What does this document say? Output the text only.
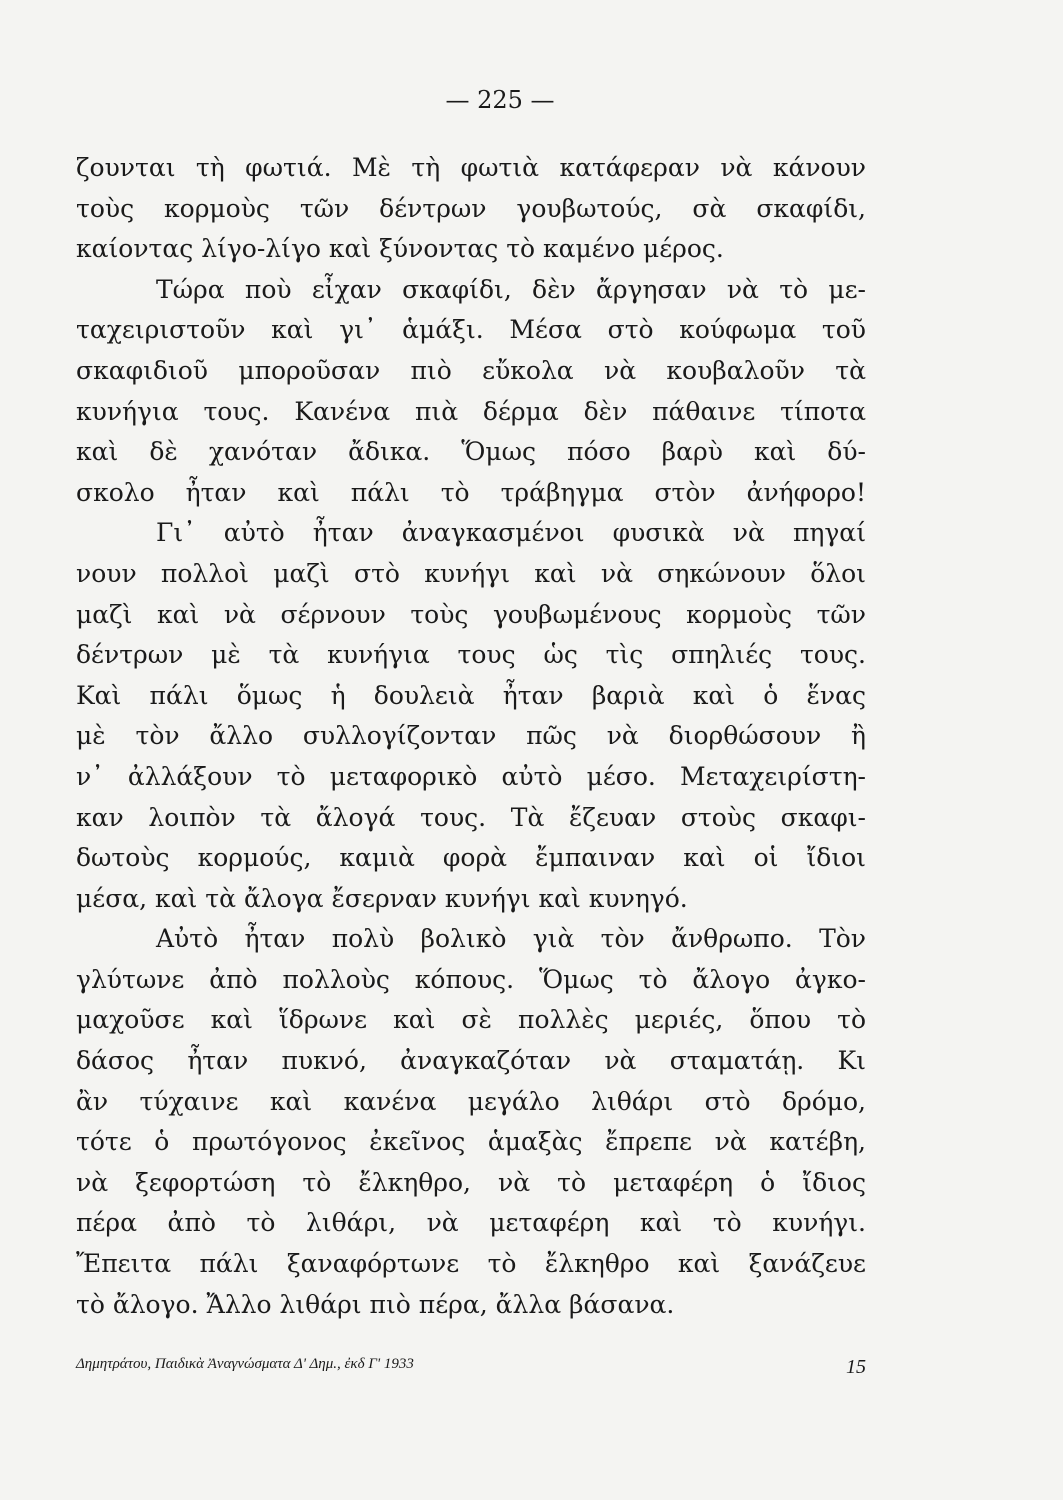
— 225 —
ζουνται τὴ φωτιά. Μὲ τὴ φωτιὰ κατάφεραν νὰ κάνουν
τοὺς κορμοὺς τῶν δέντρων γουβωτούς, σὰ σκαφίδι,
καίοντας λίγο-λίγο καὶ ξύνοντας τὸ καμένο μέρος.
Τώρα ποὺ εἶχαν σκαφίδι, δὲν ἄργησαν νὰ τὸ με-
ταχειριστοῦν καὶ γι᾿ ἁμάξι. Μέσα στὸ κούφωμα τοῦ
σκαφιδιοῦ μποροῦσαν πιὸ εὔκολα νὰ κουβαλοῦν τὰ
κυνήγια τους. Κανένα πιὰ δέρμα δὲν πάθαινε τίποτα
καὶ δὲ χανόταν ἄδικα. Ὅμως πόσο βαρὺ καὶ δύ-
σκολο ἦταν καὶ πάλι τὸ τράβηγμα στὸν ἀνήφορο!
Γι᾿ αὐτὸ ἦταν ἀναγκασμένοι φυσικὰ νὰ πηγαί
νουν πολλοὶ μαζὶ στὸ κυνήγι καὶ νὰ σηκώνουν ὅλοι
μαζὶ καὶ νὰ σέρνουν τοὺς γουβωμένους κορμοὺς τῶν
δέντρων μὲ τὰ κυνήγια τους ὡς τὶς σπηλιές τους.
Καὶ πάλι ὅμως ἡ δουλειὰ ἦταν βαριὰ καὶ ὁ ἕνας
μὲ τὸν ἄλλο συλλογίζονταν πῶς νὰ διορθώσουν ἢ
ν᾿ ἀλλάξουν τὸ μεταφορικὸ αὐτὸ μέσο. Μεταχειρίστη-
καν λοιπὸν τὰ ἄλογά τους. Τὰ ἔζευαν στοὺς σκαφι-
δωτοὺς κορμούς, καμιὰ φορὰ ἔμπαιναν καὶ οἱ ἴδιοι
μέσα, καὶ τὰ ἄλογα ἔσερναν κυνήγι καὶ κυνηγό.
Αὐτὸ ἦταν πολὺ βολικὸ γιὰ τὸν ἄνθρωπο. Τὸν
γλύτωνε ἀπὸ πολλοὺς κόπους. Ὅμως τὸ ἄλογο ἀγκο-
μαχοῦσε καὶ ἵδρωνε καὶ σὲ πολλὲς μεριές, ὅπου τὸ
δάσος ἦταν πυκνό, ἀναγκαζόταν νὰ σταματάῃ. Κι
ἂν τύχαινε καὶ κανένα μεγάλο λιθάρι στὸ δρόμο,
τότε ὁ πρωτόγονος ἐκεῖνος ἁμαξὰς ἔπρεπε νὰ κατέβη,
νὰ ξεφορτώση τὸ ἔλκηθρο, νὰ τὸ μεταφέρη ὁ ἴδιος
πέρα ἀπὸ τὸ λιθάρι, νὰ μεταφέρη καὶ τὸ κυνήγι.
Ἔπειτα πάλι ξαναφόρτωνε τὸ ἔλκηθρο καὶ ξανάζευε
τὸ ἄλογο. Ἄλλο λιθάρι πιὸ πέρα, ἄλλα βάσανα.
Δημητράτου, Παιδικὰ Ἀναγνώσματα Δ' Δημ., ἐκδ Γ' 1933	15
